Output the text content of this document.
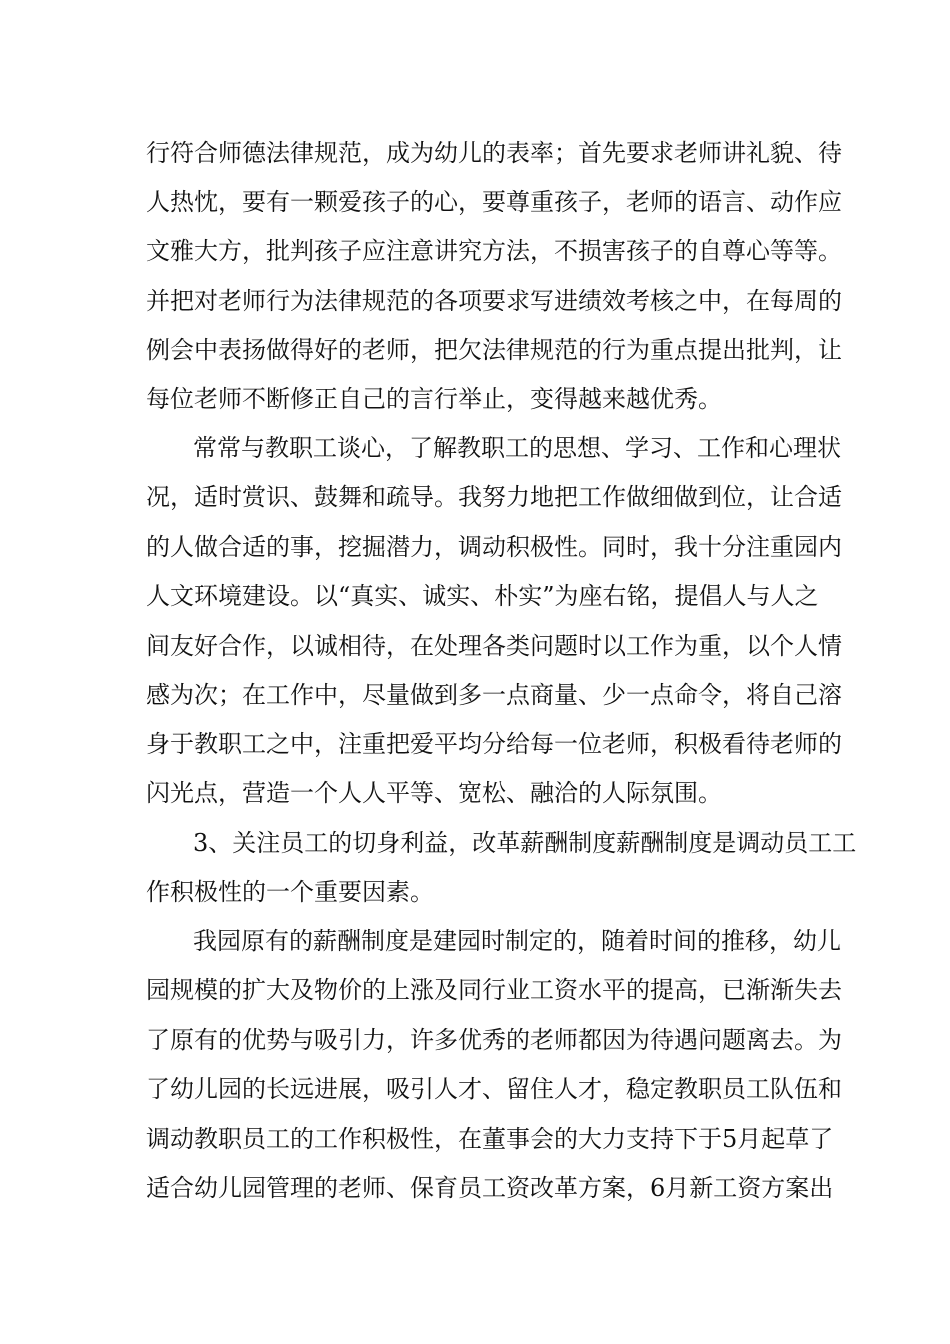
行符合师德法律规范，成为幼儿的表率；首先要求老师讲礼貌、待
人热忱，要有一颗爱孩子的心，要尊重孩子，老师的语言、动作应
文雅大方，批判孩子应注意讲究方法，不损害孩子的自尊心等等。
并把对老师行为法律规范的各项要求写进绩效考核之中，在每周的
例会中表扬做得好的老师，把欠法律规范的行为重点提出批判，让
每位老师不断修正自己的言行举止，变得越来越优秀。
常常与教职工谈心，了解教职工的思想、学习、工作和心理状
况，适时赏识、鼓舞和疏导。我努力地把工作做细做到位，让合适
的人做合适的事，挖掘潜力，调动积极性。同时，我十分注重园内
人文环境建设。以“真实、诚实、朴实”为座右铭，提倡人与人之
间友好合作，以诚相待，在处理各类问题时以工作为重，以个人情
感为次；在工作中，尽量做到多一点商量、少一点命令，将自己溶
身于教职工之中，注重把爱平均分给每一位老师，积极看待老师的
闪光点，营造一个人人平等、宽松、融洽的人际氛围。
3、关注员工的切身利益，改革薪酬制度薪酬制度是调动员工工
作积极性的一个重要因素。
我园原有的薪酬制度是建园时制定的，随着时间的推移，幼儿
园规模的扩大及物价的上涨及同行业工资水平的提高，已渐渐失去
了原有的优势与吸引力，许多优秀的老师都因为待遇问题离去。为
了幼儿园的长远进展，吸引人才、留住人才，稳定教职员工队伍和
调动教职员工的工作积极性，在董事会的大力支持下于5月起草了
适合幼儿园管理的老师、保育员工资改革方案，6月新工资方案出
